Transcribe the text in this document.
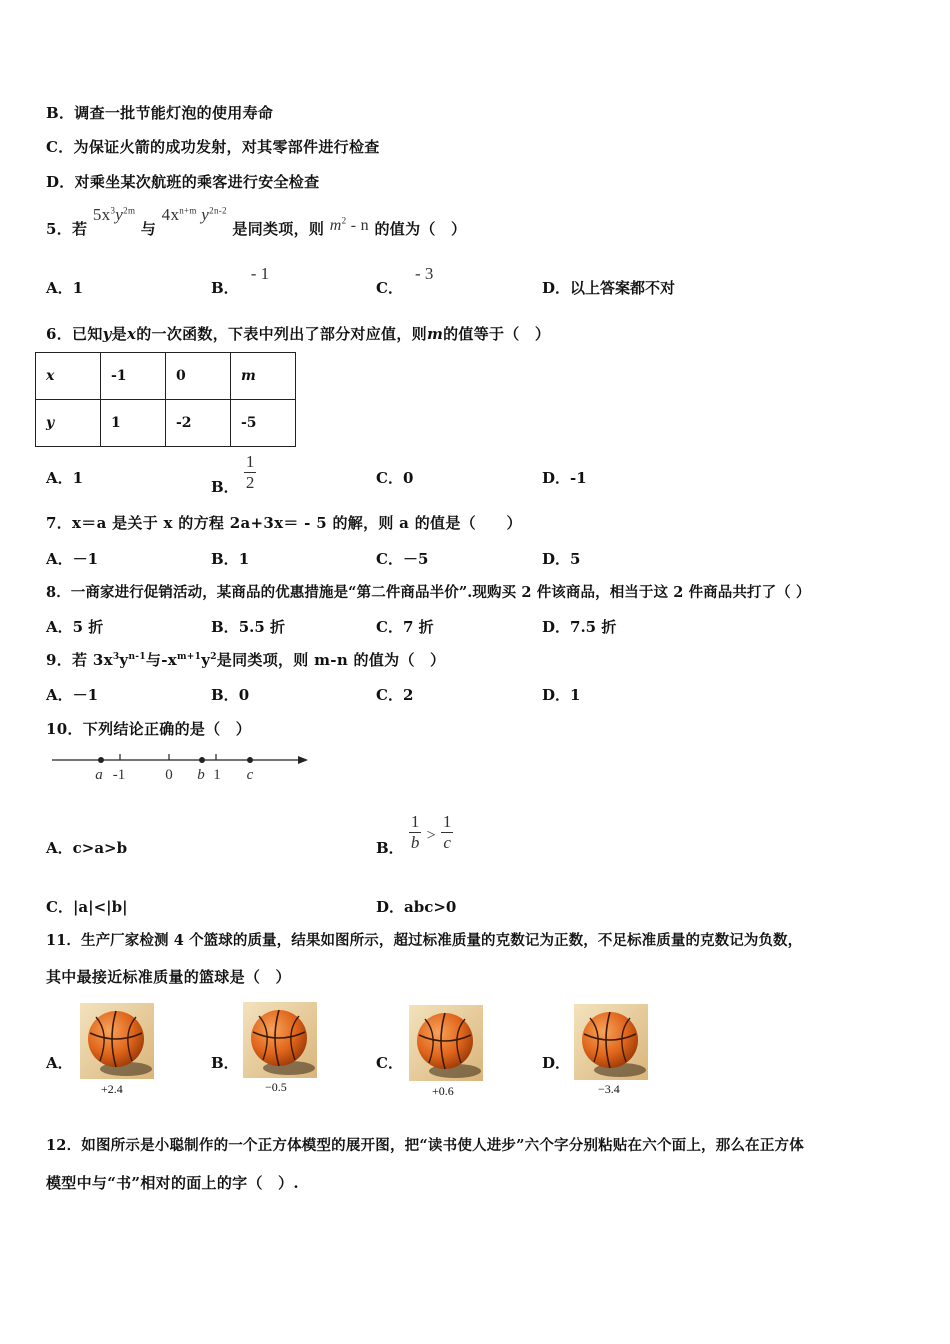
B．调查一批节能灯泡的使用寿命
C．为保证火箭的成功发射，对其零部件进行检查
D．对乘坐某次航班的乘客进行安全检查
5．若 $5x^3y^{2m}$ 与 $4x^{n+m}$ $y^{2n-2}$ 是同类项，则 $m^2$ - n 的值为（　）
A．1	B．- 1
C．- 3
D．以上答案都不对
6．已知y是x的一次函数，下表中列出了部分对应值，则m的值等于（　）
x	-1	0	m
y	1	-2	-5
A．1	B． $\frac{1}{2}$	C．0	D．-1
7．x＝a 是关于 x 的方程 2a+3x＝ - 5 的解，则 a 的值是（　　）
A．－1	B．1	C．－5	D．5
8．一商家进行促销活动，某商品的优惠措施是“第二件商品半价”.现购买 2 件该商品，相当于这 2 件商品共打了（ ）
A．5 折	B．5.5 折	C．7 折	D．7.5 折
9．若 $3x^3y^{n-1}$与$-x^{m+1}y^2$是同类项，则 m-n 的值为（　）
A．－1	B．0	C．2	D．1
10．下列结论正确的是（　）
a -1	0 b 1 c
A．c>a>b	B． $\frac{1}{b} > \frac{1}{c}$
C．|a|<|b|	D．abc>0
11．生产厂家检测 4 个篮球的质量，结果如图所示，超过标准质量的克数记为正数，不足标准质量的克数记为负数，
其中最接近标准质量的篮球是（　）
A．
+2.4
B．
−0.5
C．
+0.6
D．
−3.4
12．如图所示是小聪制作的一个正方体模型的展开图，把“读书使人进步”六个字分别粘贴在六个面上，那么在正方体
模型中与“书”相对的面上的字（　）.
